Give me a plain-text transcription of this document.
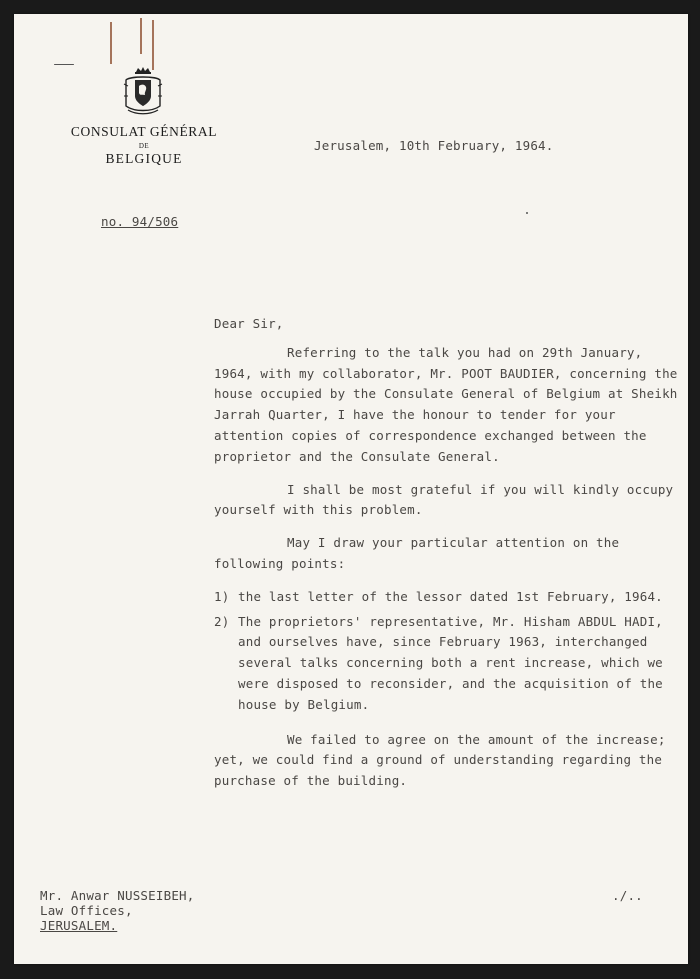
CONSULAT GÉNÉRAL
DE
BELGIQUE
Jerusalem, 10th February, 1964.
no. 94/506

Dear Sir,

Referring to the talk you had on 29th January, 1964, with my collaborator, Mr. POOT BAUDIER, concerning the house occupied by the Consulate General of Belgium at Sheikh Jarrah Quarter, I have the honour to tender for your attention copies of correspondence exchanged between the proprietor and the Consulate General.

I shall be most grateful if you will kindly occupy yourself with this problem.

May I draw your particular attention on the following points:

1) the last letter of the lessor dated 1st February, 1964.
2) The proprietors' representative, Mr. Hisham ABDUL HADI, and ourselves have, since February 1963, interchanged several talks concerning both a rent increase, which we were disposed to reconsider, and the acquisition of the house by Belgium.

We failed to agree on the amount of the increase; yet, we could find a ground of understanding regarding the purchase of the building.

Mr. Anwar NUSSEIBEH,
Law Offices,
JERUSALEM.
./..
